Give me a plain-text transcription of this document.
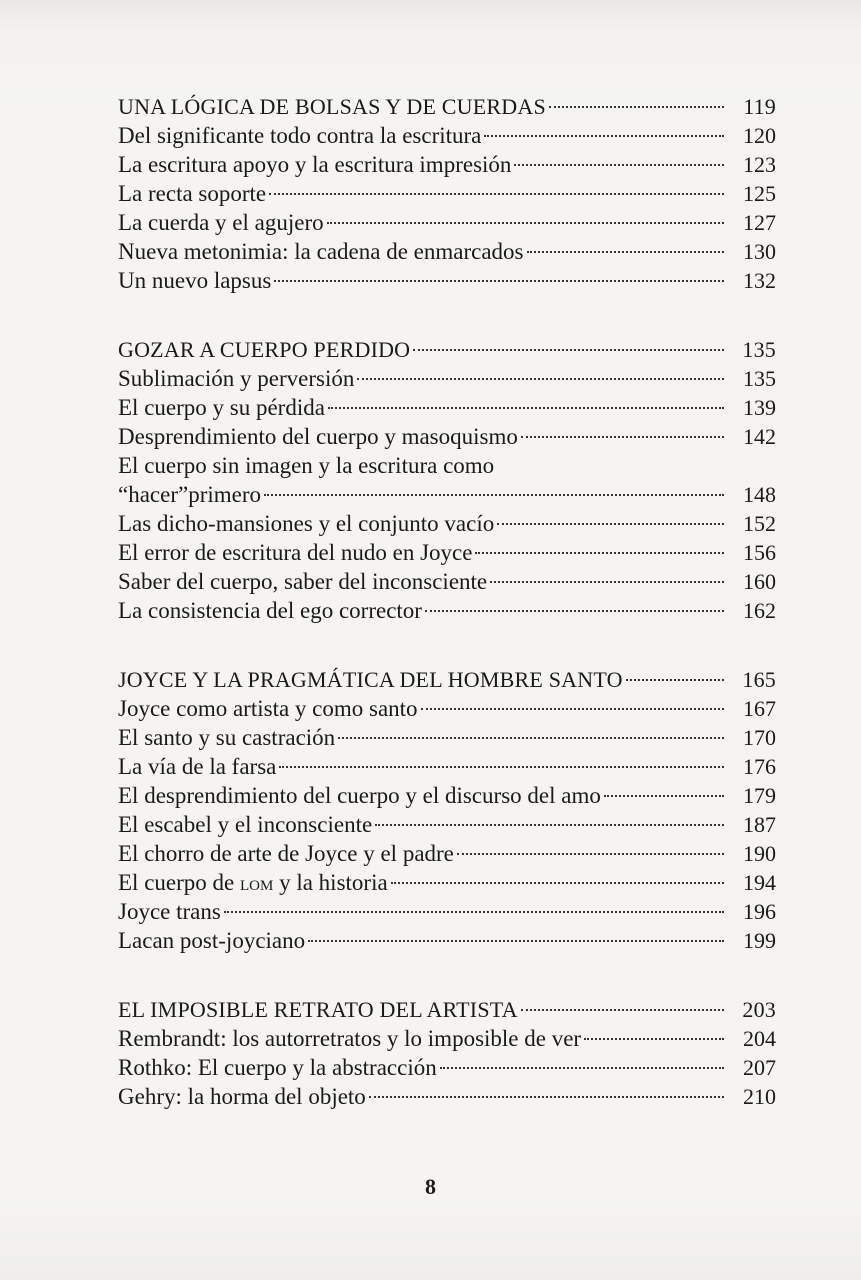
UNA LÓGICA DE BOLSAS Y DE CUERDAS	119
Del significante todo contra la escritura	120
La escritura apoyo y la escritura impresión	123
La recta soporte	125
La cuerda y el agujero	127
Nueva metonimia: la cadena de enmarcados	130
Un nuevo lapsus	132
GOZAR A CUERPO PERDIDO	135
Sublimación y perversión	135
El cuerpo y su pérdida	139
Desprendimiento del cuerpo y masoquismo	142
El cuerpo sin imagen y la escritura como
“hacer”primero	148
Las dicho-mansiones y el conjunto vacío	152
El error de escritura del nudo en Joyce	156
Saber del cuerpo, saber del inconsciente	160
La consistencia del ego corrector	162
JOYCE Y LA PRAGMÁTICA DEL HOMBRE SANTO	165
Joyce como artista y como santo	167
El santo y su castración	170
La vía de la farsa	176
El desprendimiento del cuerpo y el discurso del amo	179
El escabel y el inconsciente	187
El chorro de arte de Joyce y el padre	190
El cuerpo de lom y la historia	194
Joyce trans	196
Lacan post-joyciano	199
EL IMPOSIBLE RETRATO DEL ARTISTA	203
Rembrandt: los autorretratos y lo imposible de ver	204
Rothko: El cuerpo y la abstracción	207
Gehry: la horma del objeto	210
8
